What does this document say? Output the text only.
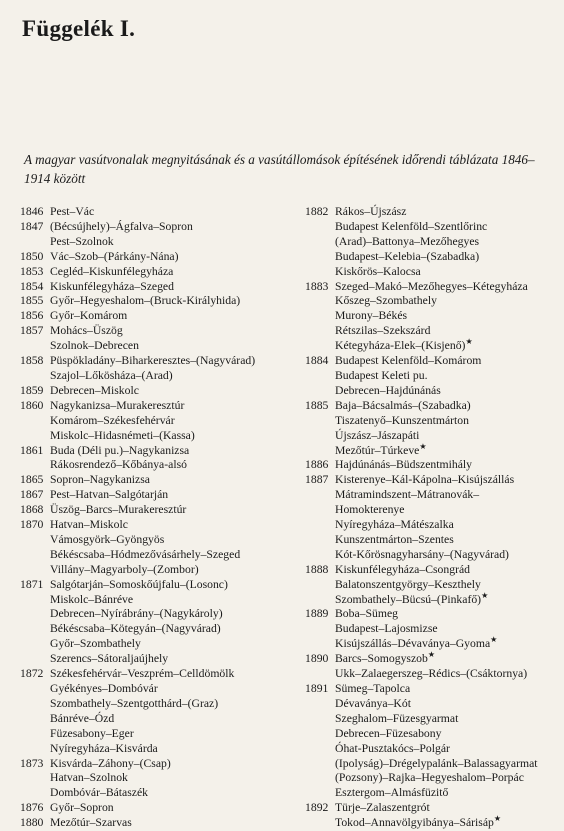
Függelék I.
A magyar vasútvonalak megnyitásának és a vasútállomások építésének időrendi táblázata 1846–1914 között
1846 Pest–Vác
1847 (Bécsújhely)–Ágfalva–Sopron
Pest–Szolnok
1850 Vác–Szob–(Párkány-Nána)
1853 Cegléd–Kiskunfélegyháza
1854 Kiskunfélegyháza–Szeged
1855 Győr–Hegyeshalom–(Bruck-Királyhida)
1856 Győr–Komárom
1857 Mohács–Üszög
Szolnok–Debrecen
1858 Püspökladány–Biharkeresztes–(Nagyvárad)
Szajol–Lőkösháza–(Arad)
1859 Debrecen–Miskolc
1860 Nagykanizsa–Murakeresztúr
Komárom–Székesfehérvár
Miskolc–Hidasnémeti–(Kassa)
1861 Buda (Déli pu.)–Nagykanizsa
Rákosrendező–Kőbánya-alsó
1865 Sopron–Nagykanizsa
1867 Pest–Hatvan–Salgótarján
1868 Üszög–Barcs–Murakeresztúr
1870 Hatvan–Miskolc
Vámosgyörk–Gyöngyös
Békéscsaba–Hódmezővásárhely–Szeged
Villány–Magyarboly–(Zombor)
1871 Salgótarján–Somoskőújfalu–(Losonc)
Miskolc–Bánréve
Debrecen–Nyírábrány–(Nagykároly)
Békéscsaba–Kötegyán–(Nagyvárad)
Győr–Szombathely
Szerencs–Sátoraljaújhely
1872 Székesfehérvár–Veszprém–Celldömölk
Gyékényes–Dombóvár
Szombathely–Szentgotthárd–(Graz)
Bánréve–Ózd
Füzesabony–Eger
Nyíregyháza–Kisvárda
1873 Kisvárda–Záhony–(Csap)
Hatvan–Szolnok
Dombóvár–Bátaszék
1876 Győr–Sopron
1880 Mezőtúr–Szarvas
1882 Rákos–Újszász
Budapest Kelenföld–Szentlőrinc
(Arad)–Battonya–Mezőhegyes
Budapest–Kelebia–(Szabadka)
Kiskőrös–Kalocsa
1883 Szeged–Makó–Mezőhegyes–Kétegyháza
Kőszeg–Szombathely
Murony–Békés
Rétszilas–Szekszárd
Kétegyháza-Elek–(Kisjenő)★
1884 Budapest Kelenföld–Komárom
Budapest Keleti pu.
Debrecen–Hajdúnánás
1885 Baja–Bácsalmás–(Szabadka)
Tiszatenyő–Kunszentmárton
Újszász–Jászapáti
Mezőtúr–Túrkeve★
1886 Hajdúnánás–Büdszentmihály
1887 Kisterenye–Kál-Kápolna–Kisújszállás
Mátramindszent–Mátranovák–
Homokterenye
Nyíregyháza–Mátészalka
Kunszentmárton–Szentes
Kót-Kőrösnagyharsány–(Nagyvárad)
1888 Kiskunfélegyháza–Csongrád
Balatonszentgyörgy–Keszthely
Szombathely–Bücsú–(Pinkafő)★
1889 Boba–Sümeg
Budapest–Lajosmizse
Kisújszállás–Dévaványa–Gyoma★
1890 Barcs–Somogyszob★
Ukk–Zalaegerszeg–Rédics–(Csáktornya)
1891 Sümeg–Tapolca
Dévaványa–Kót
Szeghalom–Füzesgyarmat
Debrecen–Füzesabony
Óhat-Pusztakócs–Polgár
(Ipolyság)–Drégelypalánk–Balassagyarmat
(Pozsony)–Rajka–Hegyeshalom–Porpác
Esztergom–Almásfüzitő
1892 Türje–Zalaszentgrót
Tokod–Annavölgyibánya–Sárisáp★
